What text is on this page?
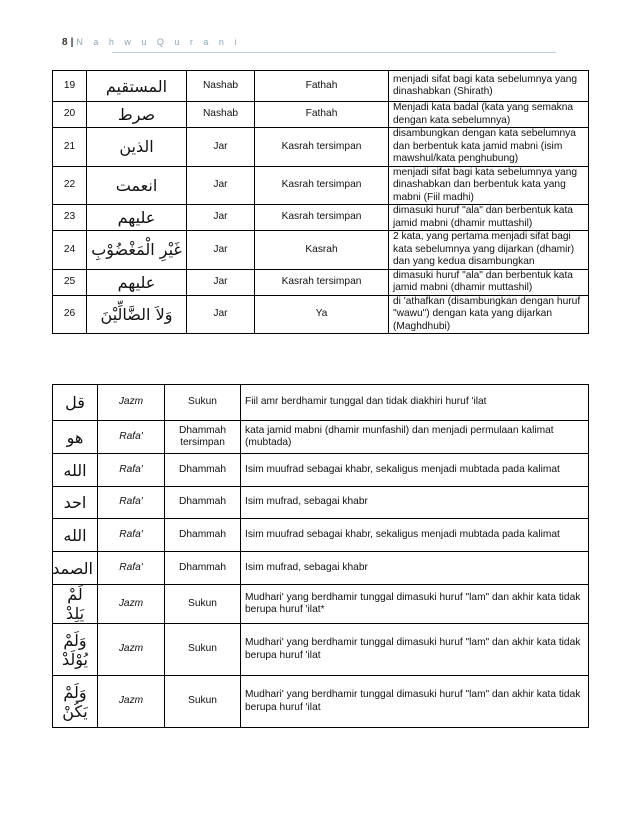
8 | N a h w u Q u r a n i
19	المستقيم	Nashab	Fathah	menjadi sifat bagi kata sebelumnya yang dinashabkan (Shirath)
20	صرط	Nashab	Fathah	Menjadi kata badal (kata yang semakna dengan kata sebelumnya)
21	الذين	Jar	Kasrah tersimpan	disambungkan dengan kata sebelumnya dan berbentuk kata jamid mabni (isim mawshul/kata penghubung)
22	انعمت	Jar	Kasrah tersimpan	menjadi sifat bagi kata sebelumnya yang dinashabkan dan berbentuk kata yang mabni (Fiil madhi)
23	عليهم	Jar	Kasrah tersimpan	dimasuki huruf "ala" dan berbentuk kata jamid mabni (dhamir muttashil)
24	غَيْرِ الْمَغْضُوْبِ	Jar	Kasrah	2 kata, yang pertama menjadi sifat bagi kata sebelumnya yang dijarkan (dhamir) dan yang kedua disambungkan
25	عليهم	Jar	Kasrah tersimpan	dimasuki huruf "ala" dan berbentuk kata jamid mabni (dhamir muttashil)
26	وَلاَ الضَّالِّيْنَ	Jar	Ya	di 'athafkan (disambungkan dengan huruf "wawu") dengan kata yang dijarkan (Maghdhubi)
قل	Jazm	Sukun	Fiil amr berdhamir tunggal dan tidak diakhiri huruf 'ilat
هو	Rafa'	Dhammah tersimpan	kata jamid mabni (dhamir munfashil) dan menjadi permulaan kalimat (mubtada)
الله	Rafa'	Dhammah	Isim muufrad sebagai khabr, sekaligus menjadi mubtada pada kalimat
احد	Rafa'	Dhammah	Isim mufrad, sebagai khabr
الله	Rafa'	Dhammah	Isim muufrad sebagai khabr, sekaligus menjadi mubtada pada kalimat
الصمد	Rafa'	Dhammah	Isim mufrad, sebagai khabr
لَمْ يَلِدْ	Jazm	Sukun	Mudhari' yang berdhamir tunggal dimasuki huruf "lam" dan akhir kata tidak berupa huruf 'ilat*
وَلَمْ يُوْلَدْ	Jazm	Sukun	Mudhari' yang berdhamir tunggal dimasuki huruf "lam" dan akhir kata tidak berupa huruf 'ilat
وَلَمْ يَكُنْ	Jazm	Sukun	Mudhari' yang berdhamir tunggal dimasuki huruf "lam" dan akhir kata tidak berupa huruf 'ilat
